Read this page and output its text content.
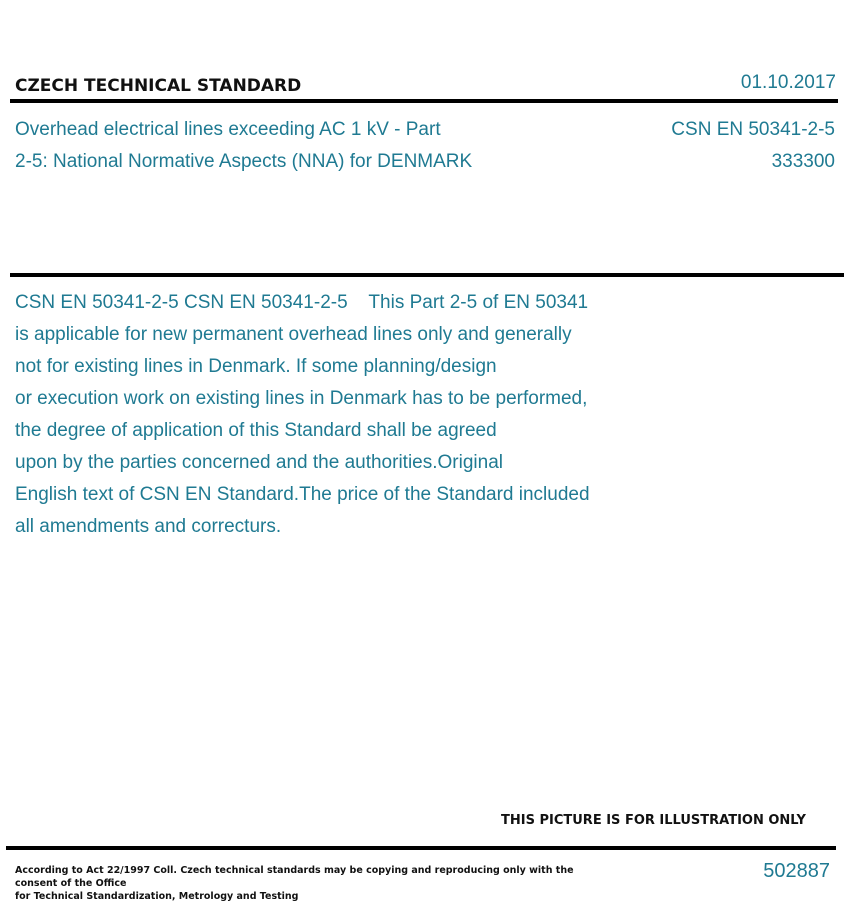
CZECH TECHNICAL STANDARD	01.10.2017
Overhead electrical lines exceeding AC 1 kV - Part
2-5: National Normative Aspects (NNA) for DENMARK
CSN EN 50341-2-5
333300
CSN EN 50341-2-5 CSN EN 50341-2-5    This Part 2-5 of EN 50341
is applicable for new permanent overhead lines only and generally
not for existing lines in Denmark. If some planning/design
or execution work on existing lines in Denmark has to be performed,
the degree of application of this Standard shall be agreed
upon by the parties concerned and the authorities.Original
English text of CSN EN Standard.The price of the Standard included
all amendments and correcturs.
THIS PICTURE IS FOR ILLUSTRATION ONLY
According to Act 22/1997 Coll. Czech technical standards may be copying and reproducing only with the consent of the Office
for Technical Standardization, Metrology and Testing
502887
